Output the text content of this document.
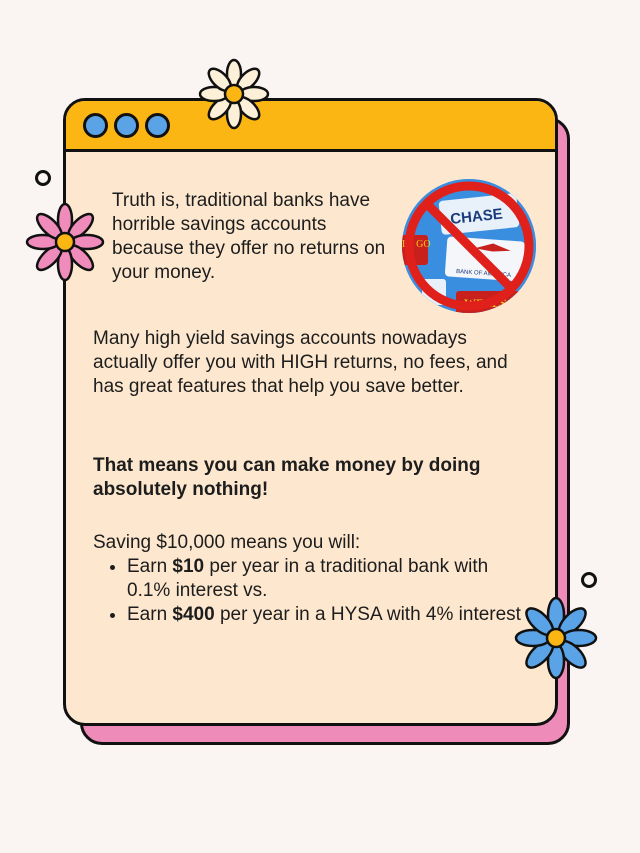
Truth is, traditional banks have horrible savings accounts because they offer no returns on your money.
CHASE
LS GO
BANK OF AMERICA
WELLS
Many high yield savings accounts nowadays actually offer you with HIGH returns, no fees, and has great features that help you save better.
That means you can make money by doing absolutely nothing!
Saving $10,000 means you will:
• Earn $10 per year in a traditional bank with 0.1% interest vs.
• Earn $400 per year in a HYSA with 4% interest
